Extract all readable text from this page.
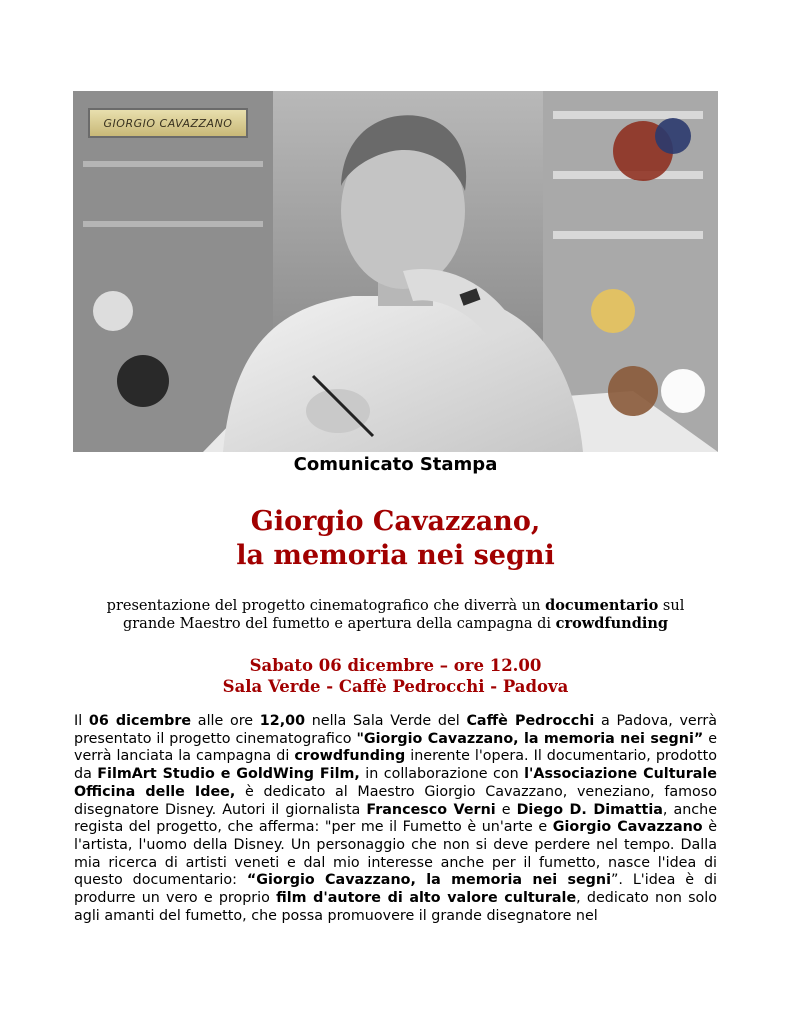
GIORGIO CAVAZZANO
Comunicato Stampa
Giorgio Cavazzano,
la memoria nei segni
presentazione del progetto cinematografico che diverrà un documentario sul grande Maestro del fumetto e apertura della campagna di crowdfunding
Sabato 06 dicembre – ore 12.00
Sala Verde - Caffè Pedrocchi - Padova
Il 06 dicembre alle ore 12,00 nella Sala Verde del Caffè Pedrocchi a Padova, verrà presentato il progetto cinematografico "Giorgio Cavazzano, la memoria nei segni” e verrà lanciata la campagna di crowdfunding inerente l'opera. Il documentario, prodotto da FilmArt Studio e GoldWing Film, in collaborazione con l'Associazione Culturale Officina delle Idee, è dedicato al Maestro Giorgio Cavazzano, veneziano, famoso disegnatore Disney. Autori il giornalista Francesco Verni e Diego D. Dimattia, anche regista del progetto, che afferma: "per me il Fumetto è un'arte e Giorgio Cavazzano è l'artista, l'uomo della Disney. Un personaggio che non si deve perdere nel tempo. Dalla mia ricerca di artisti veneti e dal mio interesse anche per il fumetto, nasce l'idea di questo documentario: “Giorgio Cavazzano, la memoria nei segni”. L'idea è di produrre un vero e proprio film d'autore di alto valore culturale, dedicato non solo agli amanti del fumetto, che possa promuovere il grande disegnatore nel
